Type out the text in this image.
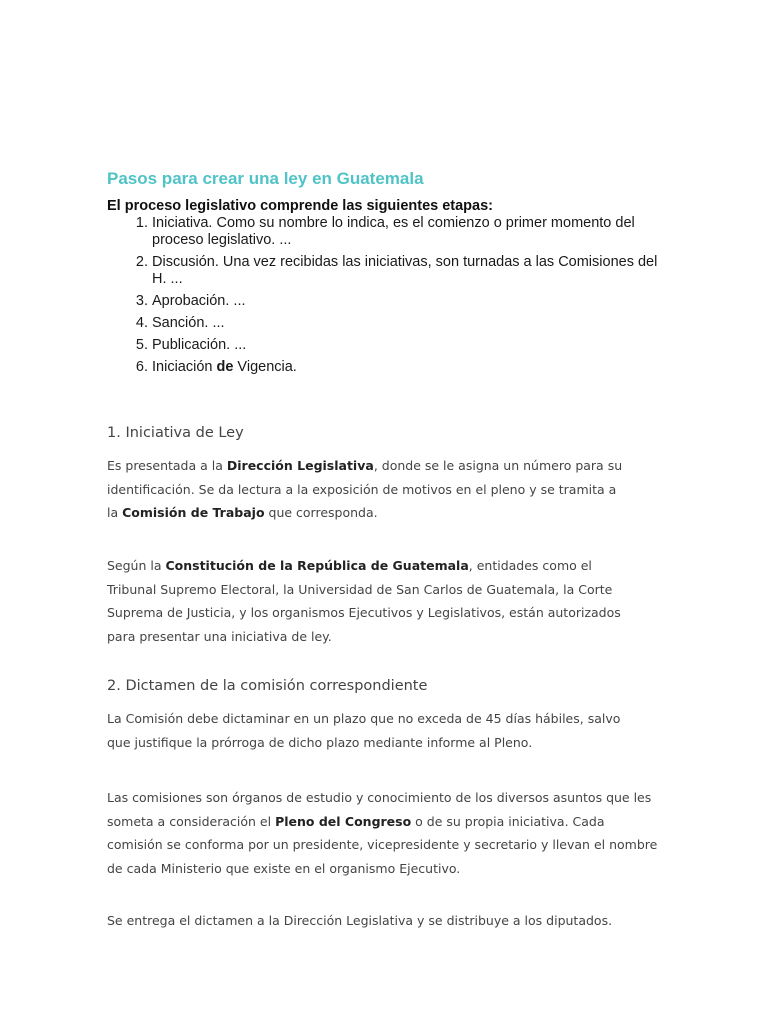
Pasos para crear una ley en Guatemala

El proceso legislativo comprende las siguientes etapas:

1. Iniciativa. Como su nombre lo indica, es el comienzo o primer momento del proceso legislativo. ...
2. Discusión. Una vez recibidas las iniciativas, son turnadas a las Comisiones del H. ...
3. Aprobación. ...
4. Sanción. ...
5. Publicación. ...
6. Iniciación de Vigencia.
1. Iniciativa de Ley

Es presentada a la Dirección Legislativa, donde se le asigna un número para su identificación. Se da lectura a la exposición de motivos en el pleno y se tramita a la Comisión de Trabajo que corresponda.

Según la Constitución de la República de Guatemala, entidades como el Tribunal Supremo Electoral, la Universidad de San Carlos de Guatemala, la Corte Suprema de Justicia, y los organismos Ejecutivos y Legislativos, están autorizados para presentar una iniciativa de ley.

2. Dictamen de la comisión correspondiente

La Comisión debe dictaminar en un plazo que no exceda de 45 días hábiles, salvo que justifique la prórroga de dicho plazo mediante informe al Pleno.

Las comisiones son órganos de estudio y conocimiento de los diversos asuntos que les someta a consideración el Pleno del Congreso o de su propia iniciativa. Cada comisión se conforma por un presidente, vicepresidente y secretario y llevan el nombre de cada Ministerio que existe en el organismo Ejecutivo.

Se entrega el dictamen a la Dirección Legislativa y se distribuye a los diputados.
